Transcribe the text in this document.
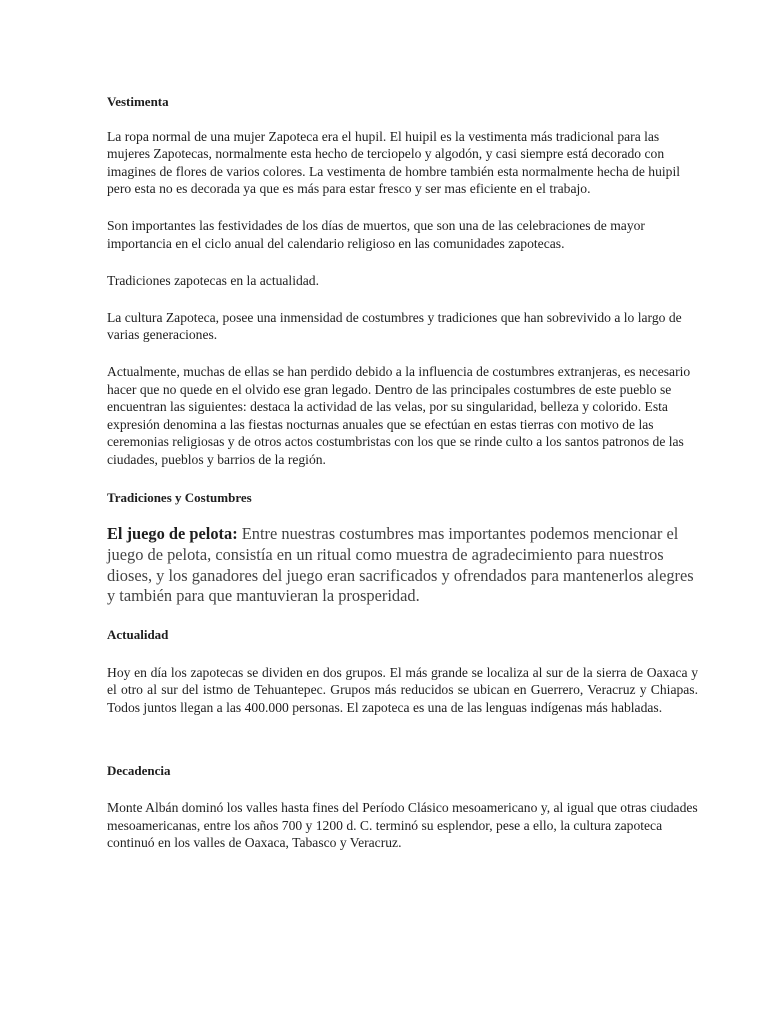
Vestimenta

La ropa normal de una mujer Zapoteca era el hupil. El huipil es la vestimenta más tradicional para las mujeres Zapotecas, normalmente esta hecho de terciopelo y algodón, y casi siempre está decorado con imagines de flores de varios colores. La vestimenta de hombre también esta normalmente hecha de huipil pero esta no es decorada ya que es más para estar fresco y ser mas eficiente en el trabajo.

Son importantes las festividades de los días de muertos, que son una de las celebraciones de mayor importancia en el ciclo anual del calendario religioso en las comunidades zapotecas.

Tradiciones zapotecas en la actualidad.

La cultura Zapoteca, posee una inmensidad de costumbres y tradiciones que han sobrevivido a lo largo de varias generaciones.

Actualmente, muchas de ellas se han perdido debido a la influencia de costumbres extranjeras, es necesario hacer que no quede en el olvido ese gran legado. Dentro de las principales costumbres de este pueblo se encuentran las siguientes: destaca la actividad de las velas, por su singularidad, belleza y colorido. Esta expresión denomina a las fiestas nocturnas anuales que se efectúan en estas tierras con motivo de las ceremonias religiosas y de otros actos costumbristas con los que se rinde culto a los santos patronos de las ciudades, pueblos y barrios de la región.

Tradiciones y Costumbres

El juego de pelota: Entre nuestras costumbres mas importantes podemos mencionar el juego de pelota, consistía en un ritual como muestra de agradecimiento para nuestros dioses, y los ganadores del juego eran sacrificados y ofrendados para mantenerlos alegres y también para que mantuvieran la prosperidad.

Actualidad

Hoy en día los zapotecas se dividen en dos grupos. El más grande se localiza al sur de la sierra de Oaxaca y el otro al sur del istmo de Tehuantepec. Grupos más reducidos se ubican en Guerrero, Veracruz y Chiapas. Todos juntos llegan a las 400.000 personas. El zapoteca es una de las lenguas indígenas más habladas.

Decadencia

Monte Albán dominó los valles hasta fines del Período Clásico mesoamericano y, al igual que otras ciudades mesoamericanas, entre los años 700 y 1200 d. C. terminó su esplendor, pese a ello, la cultura zapoteca continuó en los valles de Oaxaca, Tabasco y Veracruz.
